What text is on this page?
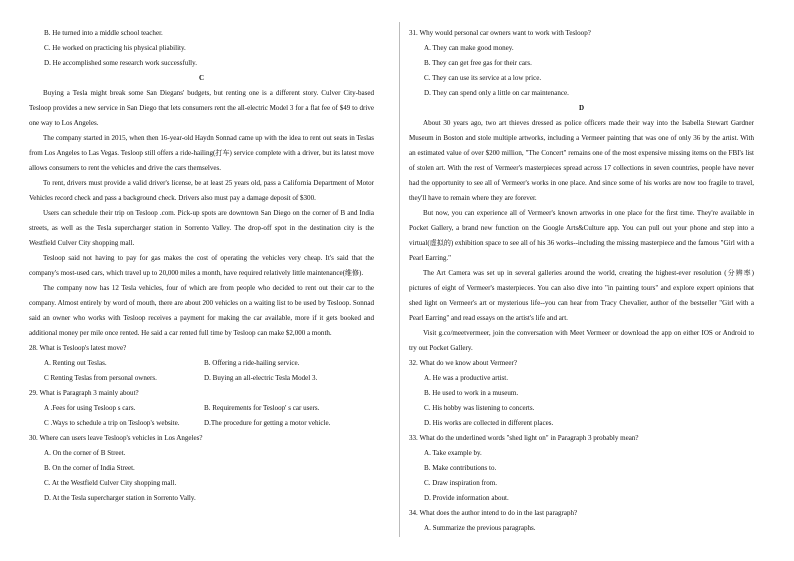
B. He turned into a middle school teacher.
C. He worked on practicing his physical pliability.
D. He accomplished some research work successfully.
C
Buying a Tesla might break some San Diegans' budgets, but renting one is a different story. Culver City-based Tesloop provides a new service in San Diego that lets consumers rent the all-electric Model 3 for a flat fee of $49 to drive one way to Los Angeles.
The company started in 2015, when then 16-year-old Haydn Sonnad came up with the idea to rent out seats in Teslas from Los Angeles to Las Vegas. Tesloop still offers a ride-hailing(打车) service complete with a driver, but its latest move allows consumers to rent the vehicles and drive the cars themselves.
To rent, drivers must provide a valid driver's license, be at least 25 years old, pass a California Department of Motor Vehicles record check and pass a background check. Drivers also must pay a damage deposit of $300.
Users can schedule their trip on Tesloop .com. Pick-up spots are downtown San Diego on the corner of B and India streets, as well as the Tesla supercharger station in Sorrento Valley. The drop-off spot in the destination city is the Westfield Culver City shopping mall.
Tesloop said not having to pay for gas makes the cost of operating the vehicles very cheap. It's said that the company's most-used cars, which travel up to 20,000 miles a month, have required relatively little maintenance(维修).
The company now has 12 Tesla vehicles, four of which are from people who decided to rent out their car to the company. Almost entirely by word of mouth, there are about 200 vehicles on a waiting list to be used by Tesloop. Sonnad said an owner who works with Tesloop receives a payment for making the car available, more if it gets booked and additional money per mile once rented. He said a car rented full time by Tesloop can make $2,000 a month.
28. What is Tesloop's latest move?
A. Renting out Teslas.	B. Offering a ride-hailing service.
C Renting Teslas from personal owners.	D. Buying an all-electric Tesla Model 3.
29. What is Paragraph 3 mainly about?
A .Fees for using Tesloop s cars.	B. Requirements for Tesloop' s car users.
C .Ways to schedule a trip on Tesloop's website.	D.The procedure for getting a motor vehicle.
30. Where can users leave Tesloop's vehicles in Los Angeles?
A. On the corner of B Street.
B. On the corner of India Street.
C. At the Westfield Culver City shopping mall.
D. At the Tesla supercharger station in Sorrento Vally.
31. Why would personal car owners want to work with Tesloop?
A. They can make good money.
B. They can get free gas for their cars.
C. They can use its service at a low price.
D. They can spend only a little on car maintenance.
D
About 30 years ago, two art thieves dressed as police officers made their way into the Isabella Stewart Gardner Museum in Boston and stole multiple artworks, including a Vermeer painting that was one of only 36 by the artist. With an estimated value of over $200 million, "The Concert" remains one of the most expensive missing items on the FBI's list of stolen art. With the rest of Vermeer's masterpieces spread across 17 collections in seven countries, people have never had the opportunity to see all of Vermeer's works in one place. And since some of his works are now too fragile to travel, they'll have to remain where they are forever.
But now, you can experience all of Vermeer's known artworks in one place for the first time. They're available in Pocket Gallery, a brand new function on the Google Arts&Culture app. You can pull out your phone and step into a virtual(虚拟的) exhibition space to see all of his 36 works--including the missing masterpiece and the famous "Girl with a Pearl Earring."
The Art Camera was set up in several galleries around the world, creating the highest-ever resolution (分辨率) pictures of eight of Vermeer's masterpieces. You can also dive into "in painting tours" and explore expert opinions that shed light on Vermeer's art or mysterious life--you can hear from Tracy Chevalier, author of the bestseller "Girl with a Pearl Earring" and read essays on the artist's life and art.
Visit g.co/meetvermeer, join the conversation with Meet Vermeer or download the app on either IOS or Android to try out Pocket Gallery.
32. What do we know about Vermeer?
A. He was a productive artist.
B. He used to work in a museum.
C. His hobby was listening to concerts.
D. His works are collected in different places.
33. What do the underlined words "shed light on" in Paragraph 3 probably mean?
A. Take example by.
B. Make contributions to.
C. Draw inspiration from.
D. Provide information about.
34. What does the author intend to do in the last paragraph?
A. Summarize the previous paragraphs.
